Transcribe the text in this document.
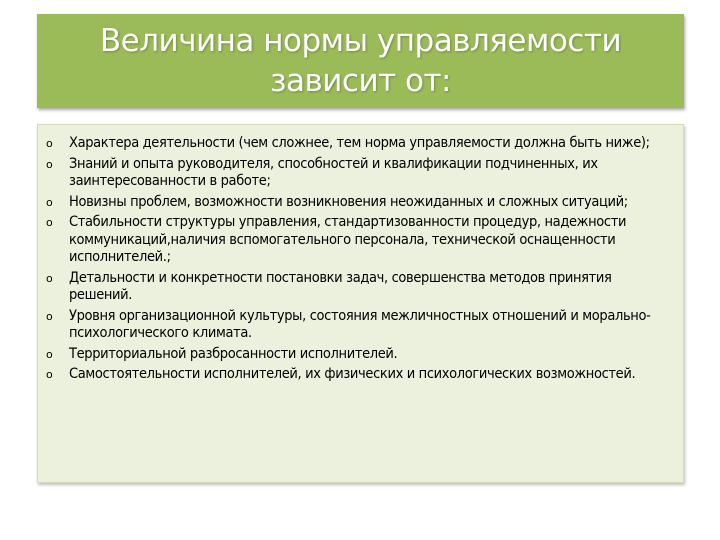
Величина нормы управляемости зависит от:
o	Характера деятельности (чем сложнее, тем норма управляемости должна быть ниже);
o	Знаний и опыта руководителя, способностей и квалификации подчиненных, их заинтересованности в работе;
o	Новизны проблем, возможности возникновения неожиданных и сложных ситуаций;
o	Стабильности структуры управления, стандартизованности процедур, надежности коммуникаций,наличия вспомогательного персонала, технической оснащенности исполнителей.;
o	Детальности и конкретности постановки задач, совершенства методов принятия решений.
o	Уровня организационной культуры, состояния межличностных отношений и морально-психологического климата.
o	Территориальной разбросанности исполнителей.
o	Самостоятельности исполнителей, их физических и психологических возможностей.
